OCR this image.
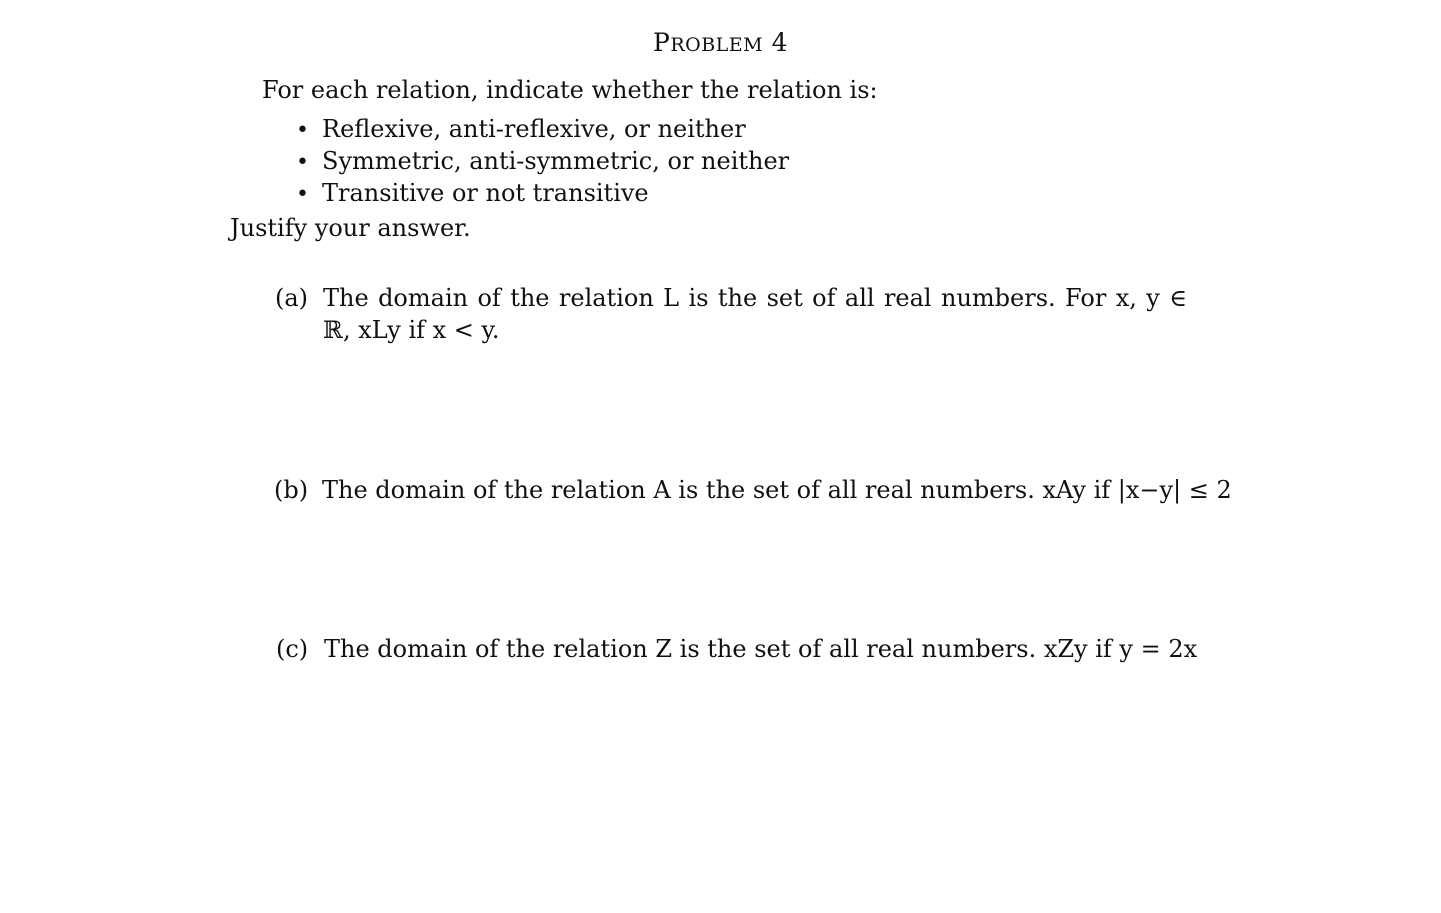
PROBLEM 4
For each relation, indicate whether the relation is:
• Reflexive, anti-reflexive, or neither
• Symmetric, anti-symmetric, or neither
• Transitive or not transitive
Justify your answer.
(a) The domain of the relation L is the set of all real numbers. For x, y ∈
ℝ, xLy if x < y.
(b) The domain of the relation A is the set of all real numbers. xAy if |x−y| ≤ 2
(c) The domain of the relation Z is the set of all real numbers. xZy if y = 2x
